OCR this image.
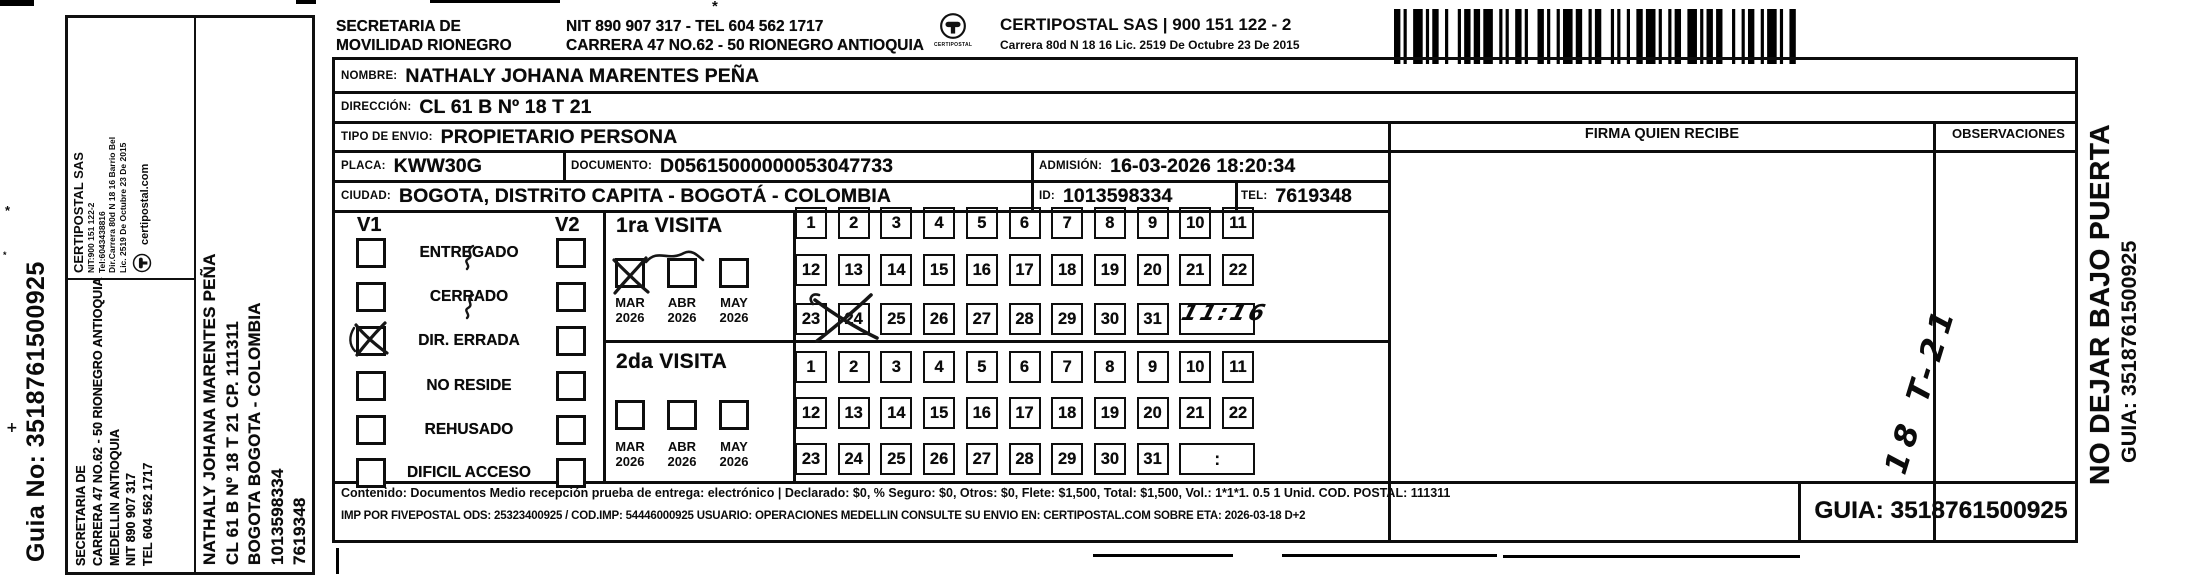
*
*
*
+ Guia No: 3518761500925 SECRETARIA DE CARRERA 47 NO.62 - 50 RIONEGRO ANTIOQUIA MEDELLIN ANTIOQUIA NIT 890 907 317 TEL 604 562 1717
CERTIPOSTAL SAS NIT:900 151 122-2 Tel:6043438816 Dir.Carrera 80d N 18 16 Barrio Bel Lic. 2519 De Octubre 23 De 2015 certipostal.com
NATHALY JOHANA MARENTES PEÑA CL 61 B Nº 18 T 21 CP. 111311 BOGOTA BOGOTA - COLOMBIA 1013598334 7619348
SECRETARIA DE
MOVILIDAD RIONEGRO
NIT 890 907 317 - TEL 604 562 1717
CARRERA 47 NO.62 - 50 RIONEGRO ANTIOQUIA CERTIPOSTAL
CERTIPOSTAL SAS | 900 151 122 - 2
Carrera 80d N 18 16 Lic. 2519 De Octubre 23 De 2015
NOMBRE: NATHALY JOHANA MARENTES PEÑA
DIRECCIÓN: CL 61 B Nº 18 T 21
TIPO DE ENVIO: PROPIETARIO PERSONA
PLACA: KWW30G	DOCUMENTO: D05615000000053047733	ADMISIÓN: 16-03-2026 18:20:34
CIUDAD: BOGOTA, DISTRiTO CAPITA - BOGOTÁ - COLOMBIA	ID: 1013598334	TEL: 7619348
FIRMA QUIEN RECIBE	OBSERVACIONES
V1	V2
ENTREGADO
CERRADO
DIR. ERRADA
NO RESIDE
REHUSADO
DIFICIL ACCESO
1ra VISITA
MAR
2026
ABR
2026
MAY
2026
2da VISITA
MAR
2026
ABR
2026
MAY
2026
1	2	3	4	5	6	7	8	9	10	11
12	13	14	15	16	17	18	19	20	21	22
23	24	25	26	27	28	29	30	31
1	2	3	4	5	6	7	8	9	10	11
12	13	14	15	16	17	18	19	20	21	22
23	24	25	26	27	28	29	30	31	:
Contenido: Documentos Medio recepción prueba de entrega: electrónico | Declarado: $0, % Seguro: $0, Otros: $0, Flete: $1,500, Total: $1,500, Vol.: 1*1*1. 0.5 1 Unid. COD. POSTAL: 111311
IMP POR FIVEPOSTAL ODS: 25323400925 / COD.IMP: 54446000925 USUARIO: OPERACIONES MEDELLIN CONSULTE SU ENVIO EN: CERTIPOSTAL.COM SOBRE ETA: 2026-03-18 D+2	GUIA: 3518761500925
11:16	18 T-21	NO DEJAR BAJO PUERTA GUIA: 3518761500925
